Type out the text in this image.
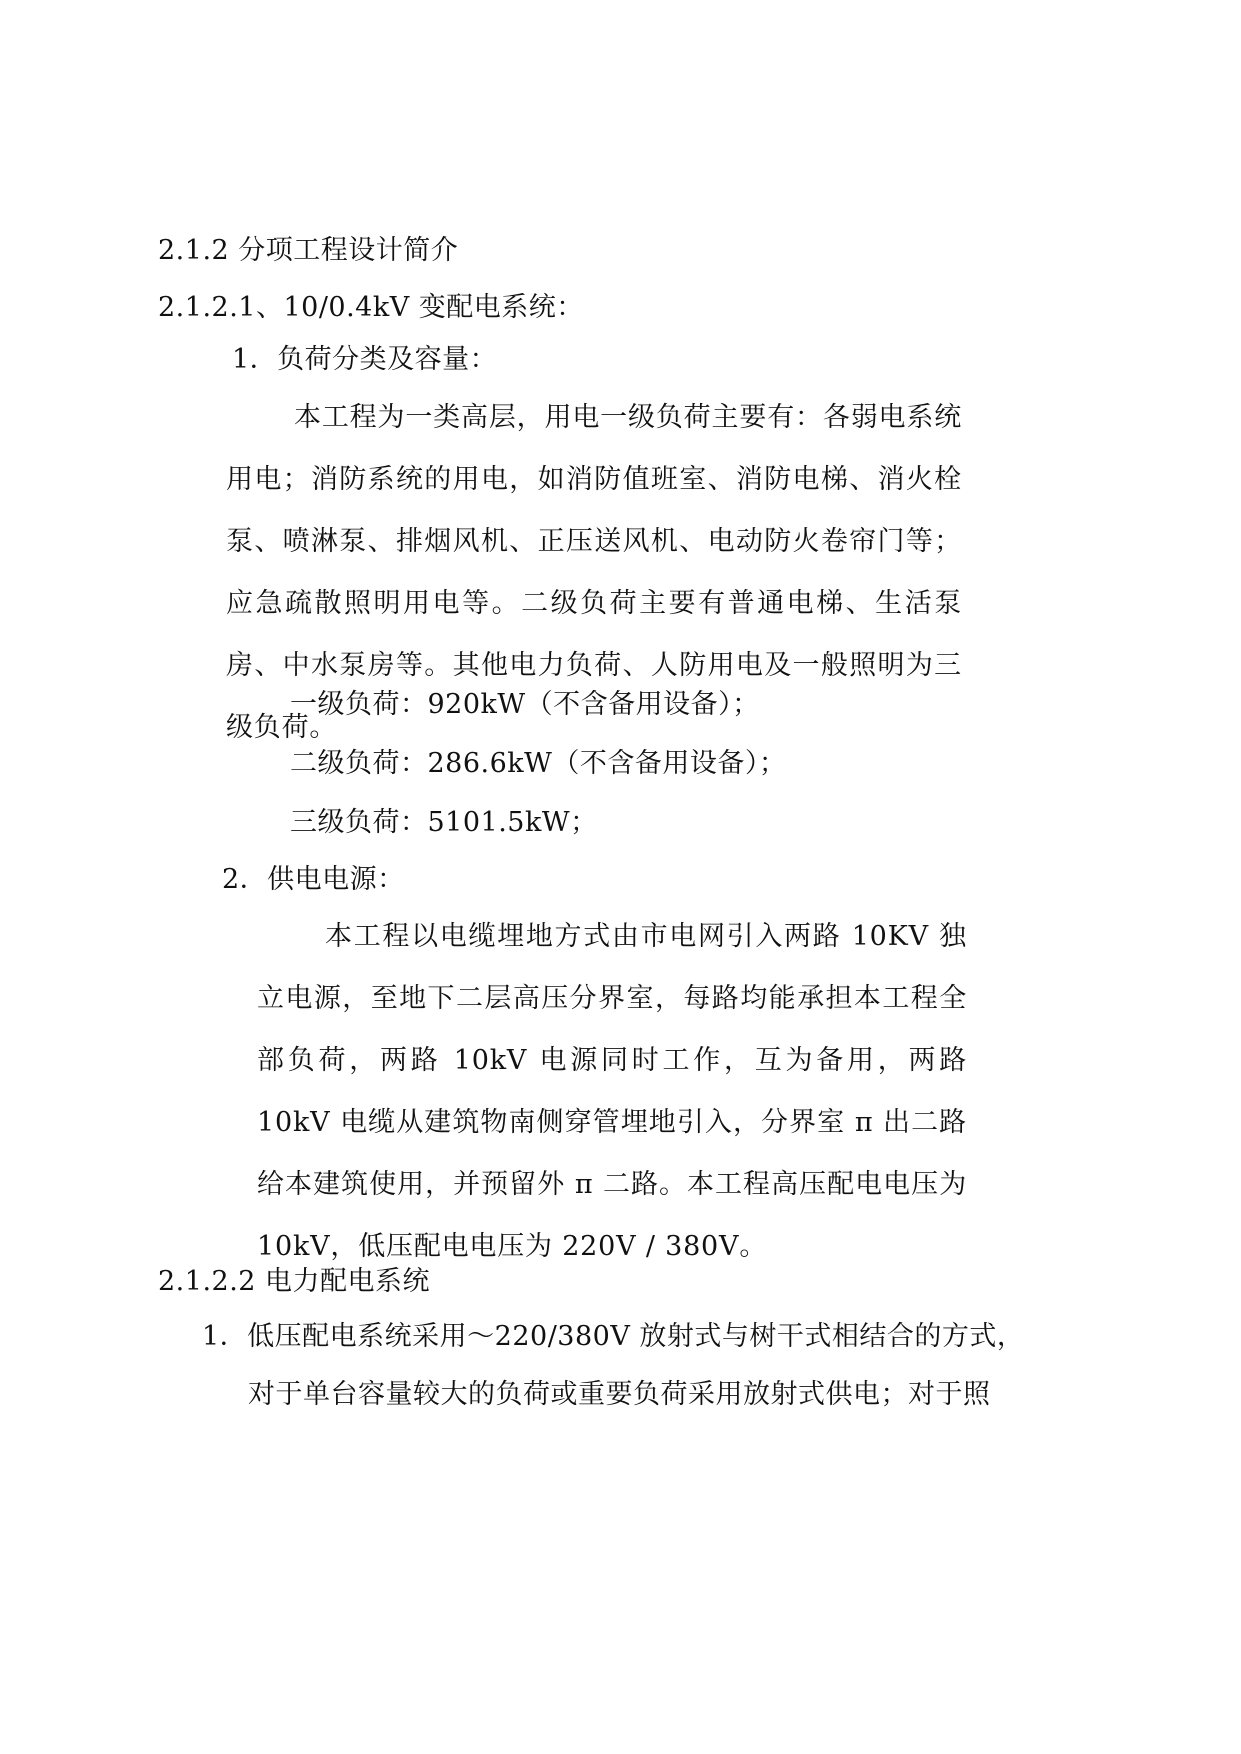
2.1.2 分项工程设计简介
2.1.2.1、10/0.4kV 变配电系统：
1．负荷分类及容量：
本工程为一类高层，用电一级负荷主要有：各弱电系统用电；消防系统的用电，如消防值班室、消防电梯、消火栓泵、喷淋泵、排烟风机、正压送风机、电动防火卷帘门等；应急疏散照明用电等。二级负荷主要有普通电梯、生活泵房、中水泵房等。其他电力负荷、人防用电及一般照明为三级负荷。
一级负荷：920kW（不含备用设备）；
二级负荷：286.6kW（不含备用设备）；
三级负荷：5101.5kW；
2．供电电源：
本工程以电缆埋地方式由市电网引入两路 10KV 独立电源，至地下二层高压分界室，每路均能承担本工程全部负荷，两路 10kV 电源同时工作，互为备用，两路 10kV 电缆从建筑物南侧穿管埋地引入，分界室 π 出二路给本建筑使用，并预留外 π 二路。本工程高压配电电压为 10kV，低压配电电压为 220V / 380V。
2.1.2.2 电力配电系统
1．低压配电系统采用～220/380V 放射式与树干式相结合的方式，
对于单台容量较大的负荷或重要负荷采用放射式供电；对于照
